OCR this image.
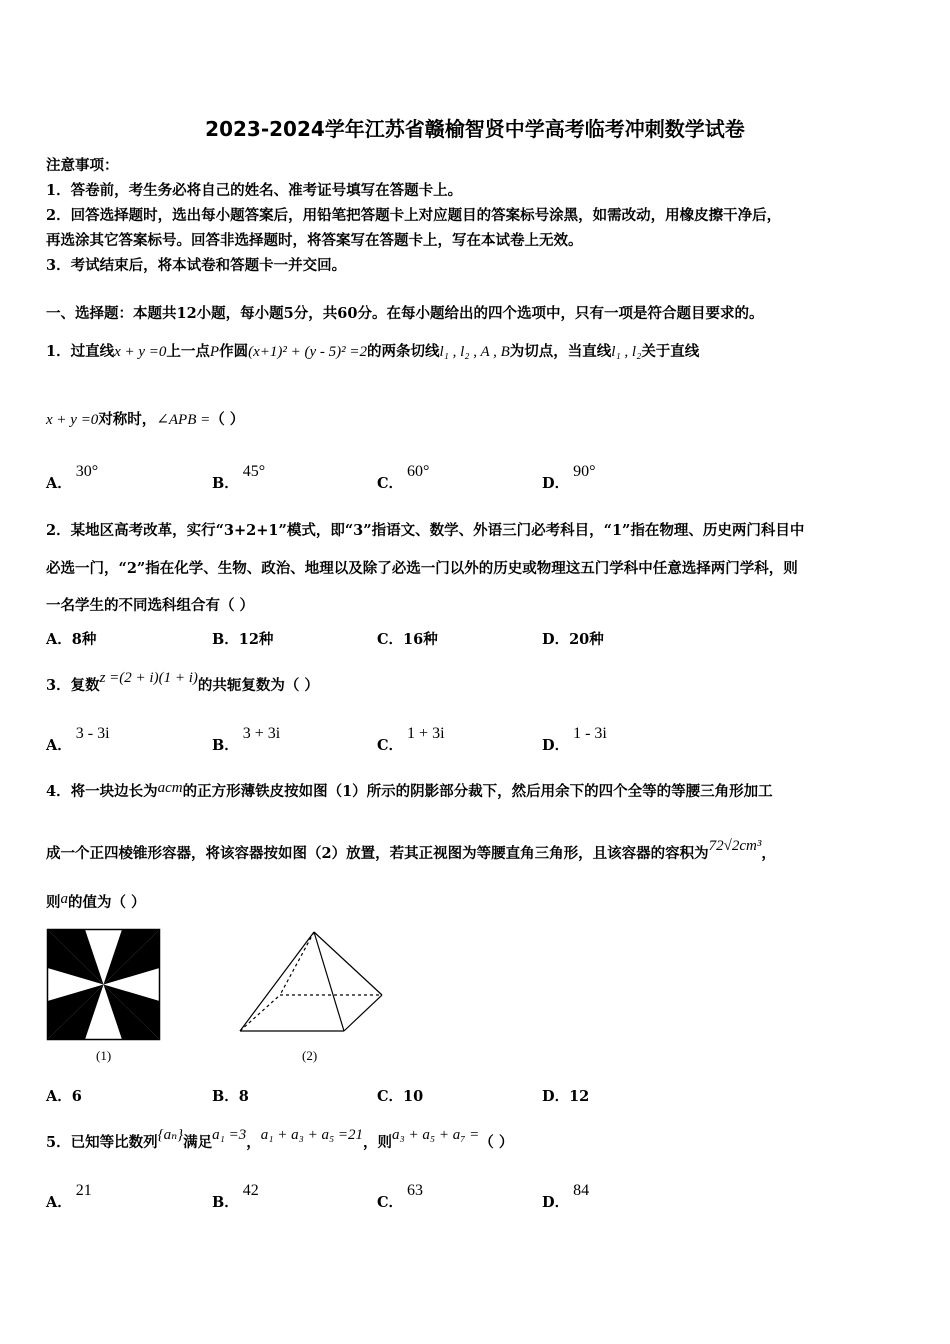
2023-2024学年江苏省赣榆智贤中学高考临考冲刺数学试卷
注意事项：
1．答卷前，考生务必将自己的姓名、准考证号填写在答题卡上。
2．回答选择题时，选出每小题答案后，用铅笔把答题卡上对应题目的答案标号涂黑，如需改动，用橡皮擦干净后，
再选涂其它答案标号。回答非选择题时，将答案写在答题卡上，写在本试卷上无效。
3．考试结束后，将本试卷和答题卡一并交回。
一、选择题：本题共12小题，每小题5分，共60分。在每小题给出的四个选项中，只有一项是符合题目要求的。
1．过直线x + y =0上一点P作圆(x+1)² + (y - 5)² =2的两条切线l₁ , l₂ , A , B为切点，当直线l₁ , l₂关于直线
x + y =0对称时，∠APB =（ ）
A．30°
B．45°
C．60°
D．90°
2．某地区高考改革，实行“3+2+1”模式，即“3”指语文、数学、外语三门必考科目，“1”指在物理、历史两门科目中
必选一门，“2”指在化学、生物、政治、地理以及除了必选一门以外的历史或物理这五门学科中任意选择两门学科，则
一名学生的不同选科组合有（ ）
A．8种	B．12种	C．16种	D．20种
3．复数z =(2 + i)(1 + i)的共轭复数为（ ）
A．3 - 3i
B．3 + 3i
C．1 + 3i
D．1 - 3i
4．将一块边长为acm的正方形薄铁皮按如图（1）所示的阴影部分裁下，然后用余下的四个全等的等腰三角形加工
成一个正四棱锥形容器，将该容器按如图（2）放置，若其正视图为等腰直角三角形，且该容器的容积为72√2cm³，
则a的值为（ ）
(1)	(2)
A．6	B．8	C．10	D．12
5．已知等比数列{aₙ}满足a₁ =3，a₁ + a₃ + a₅ =21，则a₃ + a₅ + a₇ =（ ）
A．21
B．42
C．63
D．84
